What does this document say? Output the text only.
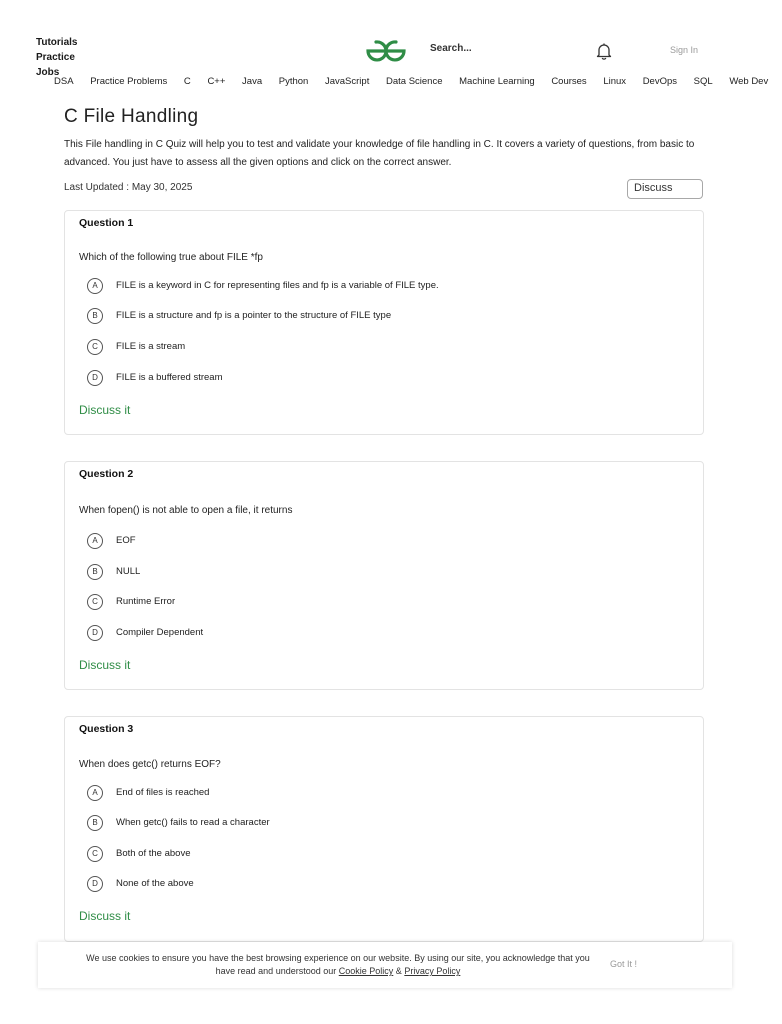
Tutorials
Practice
Jobs
Search...	Sign In
DSA Practice Problems C C++ Java Python JavaScript Data Science Machine Learning Courses Linux DevOps SQL Web Dev
C File Handling
This File handling in C Quiz will help you to test and validate your knowledge of file handling in C. It covers a variety of questions, from basic to advanced. You just have to assess all the given options and click on the correct answer.
Last Updated : May 30, 2025	Discuss
Question 1
Which of the following true about FILE *fp
A	FILE is a keyword in C for representing files and fp is a variable of FILE type.
B	FILE is a structure and fp is a pointer to the structure of FILE type
C	FILE is a stream
D	FILE is a buffered stream
Discuss it
Question 2
When fopen() is not able to open a file, it returns
A	EOF
B	NULL
C	Runtime Error
D	Compiler Dependent
Discuss it
Question 3
When does getc() returns EOF?
A	End of files is reached
B	When getc() fails to read a character
C	Both of the above
D	None of the above
Discuss it
We use cookies to ensure you have the best browsing experience on our website. By using our site, you acknowledge that you have read and understood our Cookie Policy & Privacy Policy
Got It !
